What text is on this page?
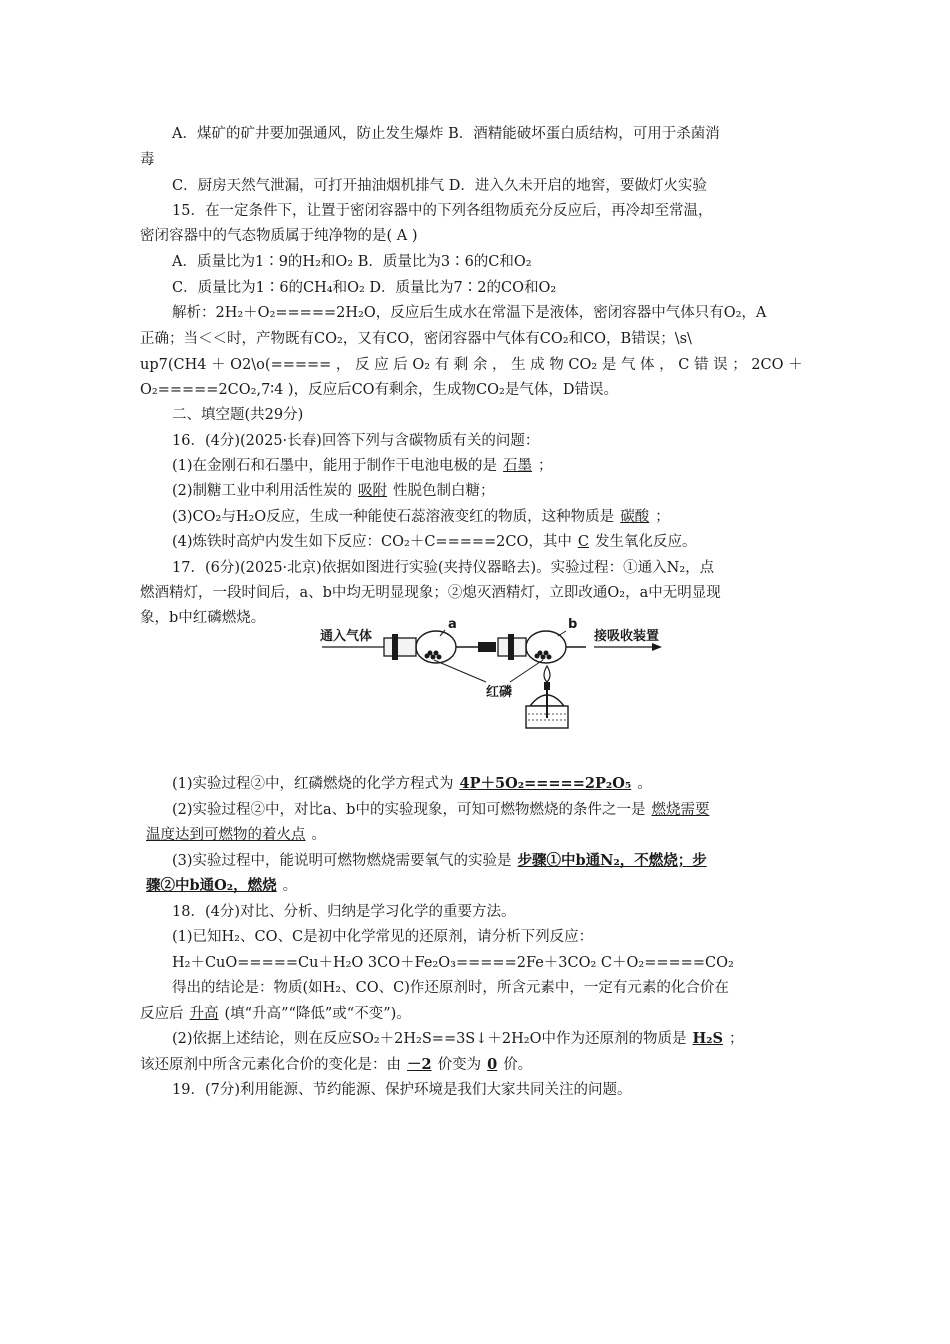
A．煤矿的矿井要加强通风，防止发生爆炸 B．酒精能破坏蛋白质结构，可用于杀菌消
毒
C．厨房天然气泄漏，可打开抽油烟机排气 D．进入久未开启的地窖，要做灯火实验
15．在一定条件下，让置于密闭容器中的下列各组物质充分反应后，再冷却至常温，
密闭容器中的气态物质属于纯净物的是( A )
A．质量比为1∶9的H₂和O₂ B．质量比为3∶6的C和O₂
C．质量比为1∶6的CH₄和O₂ D．质量比为7∶2的CO和O₂
解析：2H₂＋O₂=====2H₂O，反应后生成水在常温下是液体，密闭容器中气体只有O₂，A
正确；当＜＜时，产物既有CO₂，又有CO，密闭容器中气体有CO₂和CO，B错误；\s\
up7(CH4 ＋ O2\o(===== ， 反 应 后 O₂ 有 剩 余 ， 生 成 物 CO₂ 是 气 体 ， C 错 误 ； 2CO ＋
O₂=====2CO₂,7∶4 )，反应后CO有剩余，生成物CO₂是气体，D错误。
二、填空题(共29分)
16．(4分)(2025·长春)回答下列与含碳物质有关的问题：
(1)在金刚石和石墨中，能用于制作干电池电极的是 石墨 ；
(2)制糖工业中利用活性炭的 吸附 性脱色制白糖；
(3)CO₂与H₂O反应，生成一种能使石蕊溶液变红的物质，这种物质是 碳酸 ；
(4)炼铁时高炉内发生如下反应：CO₂＋C=====2CO，其中 C 发生氧化反应。
17．(6分)(2025·北京)依据如图进行实验(夹持仪器略去)。实验过程：①通入N₂，点
燃酒精灯，一段时间后，a、b中均无明显现象；②熄灭酒精灯，立即改通O₂，a中无明显现
象，b中红磷燃烧。
通入气体
a	b
接吸收装置
红磷
(1)实验过程②中，红磷燃烧的化学方程式为 4P＋5O₂=====2P₂O₅ 。
(2)实验过程②中，对比a、b中的实验现象，可知可燃物燃烧的条件之一是 燃烧需要
温度达到可燃物的着火点 。
(3)实验过程中，能说明可燃物燃烧需要氧气的实验是 步骤①中b通N₂，不燃烧；步
骤②中b通O₂，燃烧 。
18．(4分)对比、分析、归纳是学习化学的重要方法。
(1)已知H₂、CO、C是初中化学常见的还原剂，请分析下列反应：
H₂＋CuO=====Cu＋H₂O 3CO＋Fe₂O₃=====2Fe＋3CO₂ C＋O₂=====CO₂
得出的结论是：物质(如H₂、CO、C)作还原剂时，所含元素中，一定有元素的化合价在
反应后 升高 (填“升高”“降低”或“不变”)。
(2)依据上述结论，则在反应SO₂＋2H₂S==3S↓＋2H₂O中作为还原剂的物质是 H₂S ；
该还原剂中所含元素化合价的变化是：由 －2 价变为 0 价。
19．(7分)利用能源、节约能源、保护环境是我们大家共同关注的问题。
